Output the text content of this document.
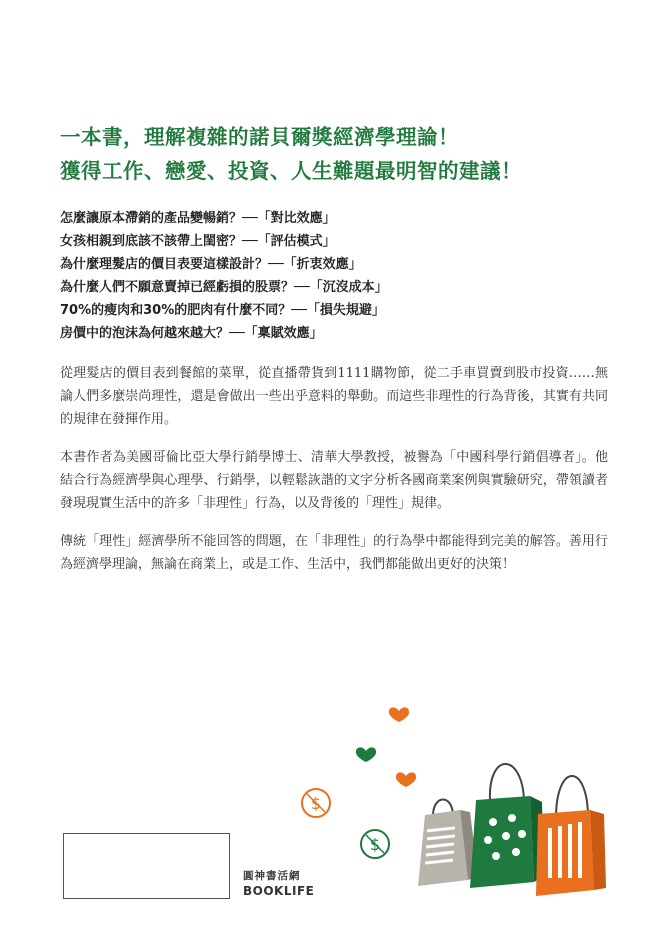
一本書，理解複雜的諾貝爾獎經濟學理論！
獲得工作、戀愛、投資、人生難題最明智的建議！
怎麼讓原本滯銷的產品變暢銷？──「對比效應」
女孩相親到底該不該帶上閨密？──「評估模式」
為什麼理髮店的價目表要這樣設計？──「折衷效應」
為什麼人們不願意賣掉已經虧損的股票？──「沉沒成本」
70%的瘦肉和30%的肥肉有什麼不同？──「損失規避」
房價中的泡沫為何越來越大？──「稟賦效應」

從理髮店的價目表到餐館的菜單，從直播帶貨到1111購物節，從二手車買賣到股市投資……無論人們多麼崇尚理性，還是會做出一些出乎意料的舉動。而這些非理性的行為背後，其實有共同的規律在發揮作用。

本書作者為美國哥倫比亞大學行銷學博士、清華大學教授，被譽為「中國科學行銷倡導者」。他結合行為經濟學與心理學、行銷學，以輕鬆詼諧的文字分析各國商業案例與實驗研究，帶領讀者發現現實生活中的許多「非理性」行為，以及背後的「理性」規律。

傳統「理性」經濟學所不能回答的問題，在「非理性」的行為學中都能得到完美的解答。善用行為經濟學理論，無論在商業上，或是工作、生活中，我們都能做出更好的決策！

圓神書活網
BOOKLIFE
$
$
